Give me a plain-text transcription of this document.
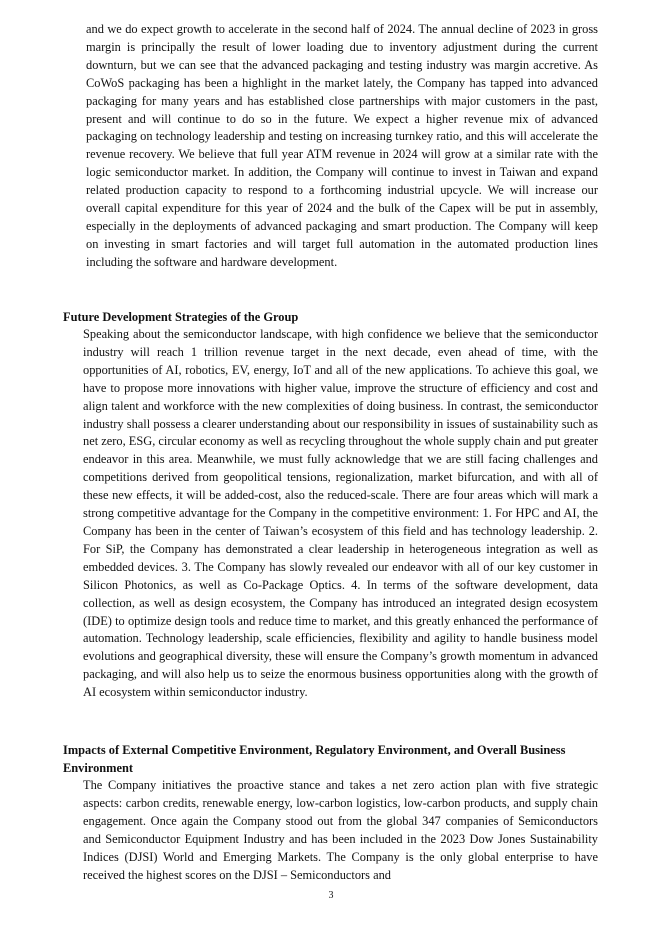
and we do expect growth to accelerate in the second half of 2024. The annual decline of 2023 in gross margin is principally the result of lower loading due to inventory adjustment during the current downturn, but we can see that the advanced packaging and testing industry was margin accretive. As CoWoS packaging has been a highlight in the market lately, the Company has tapped into advanced packaging for many years and has established close partnerships with major customers in the past, present and will continue to do so in the future. We expect a higher revenue mix of advanced packaging on technology leadership and testing on increasing turnkey ratio, and this will accelerate the revenue recovery. We believe that full year ATM revenue in 2024 will grow at a similar rate with the logic semiconductor market. In addition, the Company will continue to invest in Taiwan and expand related production capacity to respond to a forthcoming industrial upcycle. We will increase our overall capital expenditure for this year of 2024 and the bulk of the Capex will be put in assembly, especially in the deployments of advanced packaging and smart production. The Company will keep on investing in smart factories and will target full automation in the automated production lines including the software and hardware development.

Future Development Strategies of the Group

Speaking about the semiconductor landscape, with high confidence we believe that the semiconductor industry will reach 1 trillion revenue target in the next decade, even ahead of time, with the opportunities of AI, robotics, EV, energy, IoT and all of the new applications. To achieve this goal, we have to propose more innovations with higher value, improve the structure of efficiency and cost and align talent and workforce with the new complexities of doing business. In contrast, the semiconductor industry shall possess a clearer understanding about our responsibility in issues of sustainability such as net zero, ESG, circular economy as well as recycling throughout the whole supply chain and put greater endeavor in this area. Meanwhile, we must fully acknowledge that we are still facing challenges and competitions derived from geopolitical tensions, regionalization, market bifurcation, and with all of these new effects, it will be added-cost, also the reduced-scale. There are four areas which will mark a strong competitive advantage for the Company in the competitive environment: 1. For HPC and AI, the Company has been in the center of Taiwan’s ecosystem of this field and has technology leadership. 2. For SiP, the Company has demonstrated a clear leadership in heterogeneous integration as well as embedded devices. 3. The Company has slowly revealed our endeavor with all of our key customer in Silicon Photonics, as well as Co-Package Optics. 4. In terms of the software development, data collection, as well as design ecosystem, the Company has introduced an integrated design ecosystem (IDE) to optimize design tools and reduce time to market, and this greatly enhanced the performance of automation. Technology leadership, scale efficiencies, flexibility and agility to handle business model evolutions and geographical diversity, these will ensure the Company’s growth momentum in advanced packaging, and will also help us to seize the enormous business opportunities along with the growth of AI ecosystem within semiconductor industry.

Impacts of External Competitive Environment, Regulatory Environment, and Overall Business Environment

The Company initiatives the proactive stance and takes a net zero action plan with five strategic aspects: carbon credits, renewable energy, low-carbon logistics, low-carbon products, and supply chain engagement. Once again the Company stood out from the global 347 companies of Semiconductors and Semiconductor Equipment Industry and has been included in the 2023 Dow Jones Sustainability Indices (DJSI) World and Emerging Markets. The Company is the only global enterprise to have received the highest scores on the DJSI – Semiconductors and

3
